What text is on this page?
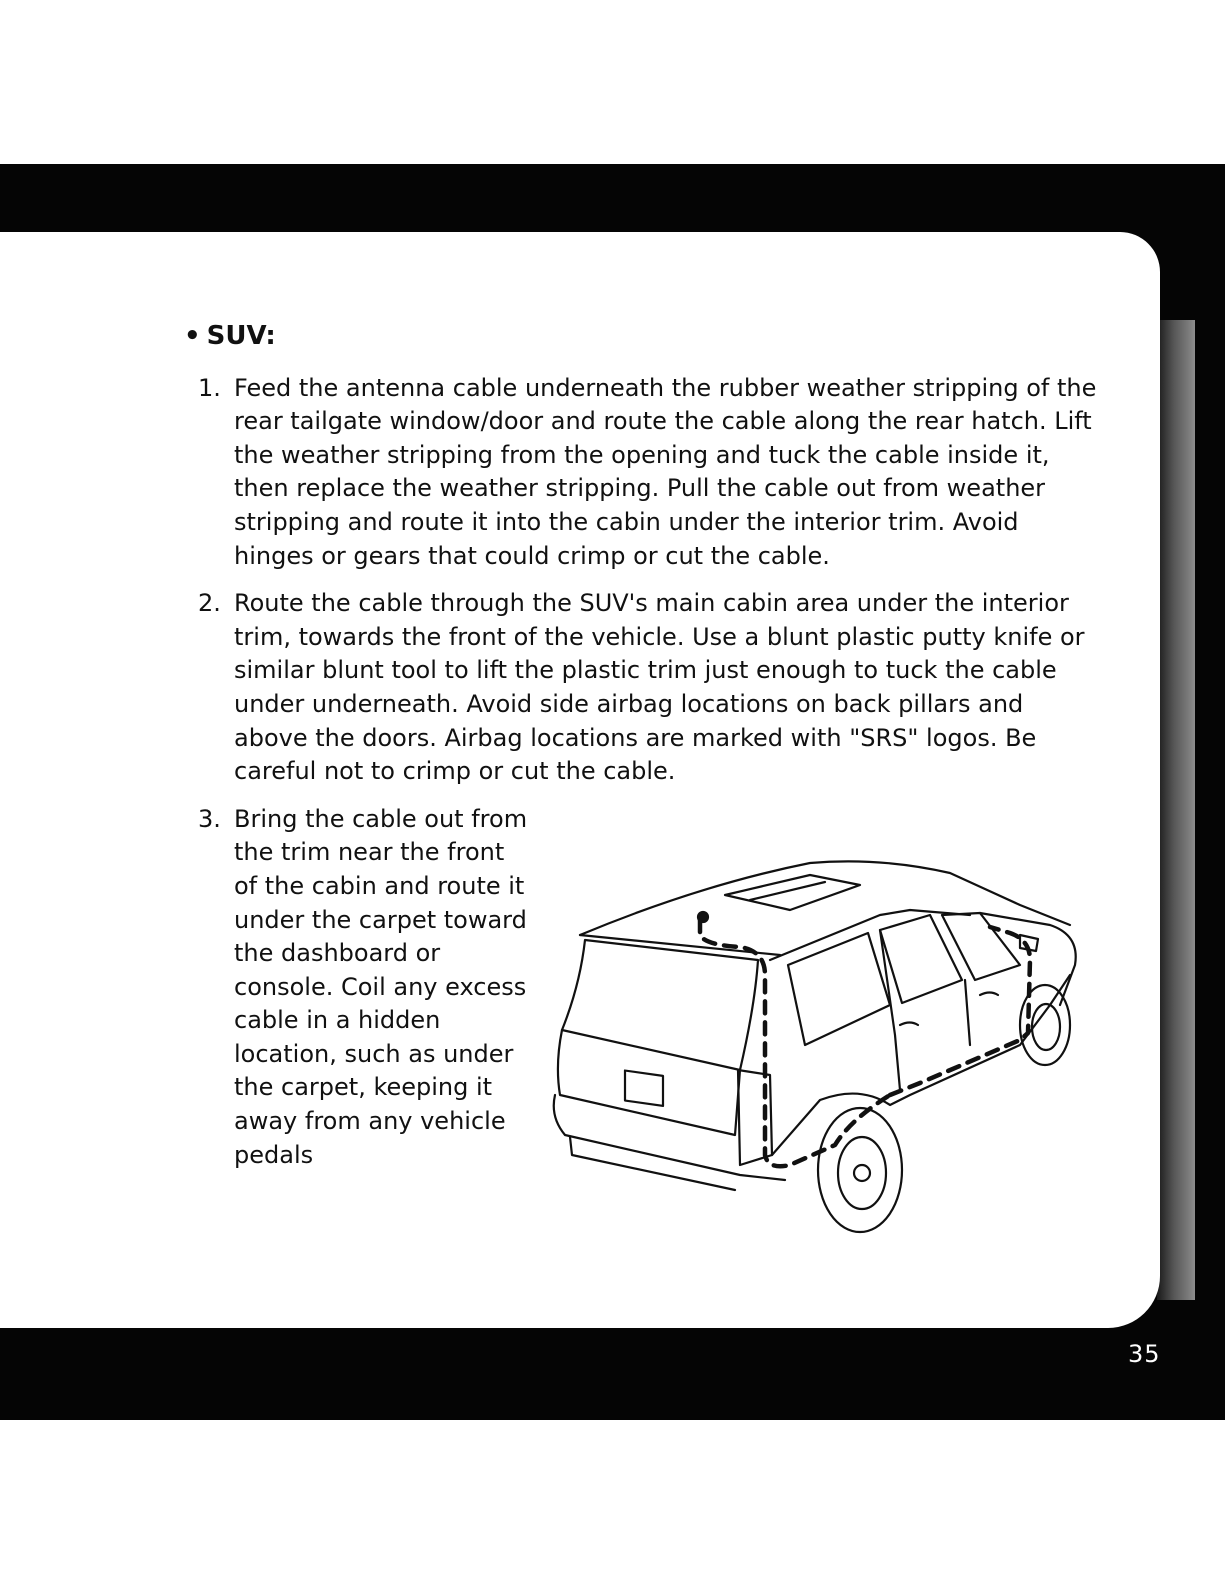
• SUV:
1. Feed the antenna cable underneath the rubber weather stripping of the rear tailgate window/door and route the cable along the rear hatch. Lift the weather stripping from the opening and tuck the cable inside it, then replace the weather stripping. Pull the cable out from weather stripping and route it into the cabin under the interior trim. Avoid hinges or gears that could crimp or cut the cable.
2. Route the cable through the SUV's main cabin area under the interior trim, towards the front of the vehicle. Use a blunt plastic putty knife or similar blunt tool to lift the plastic trim just enough to tuck the cable under underneath. Avoid side airbag locations on back pillars and above the doors. Airbag locations are marked with "SRS" logos. Be careful not to crimp or cut the cable.
3. Bring the cable out from the trim near the front of the cabin and route it under the carpet toward the dashboard or console. Coil any excess cable in a hidden location, such as under the carpet, keeping it away from any vehicle pedals
35
